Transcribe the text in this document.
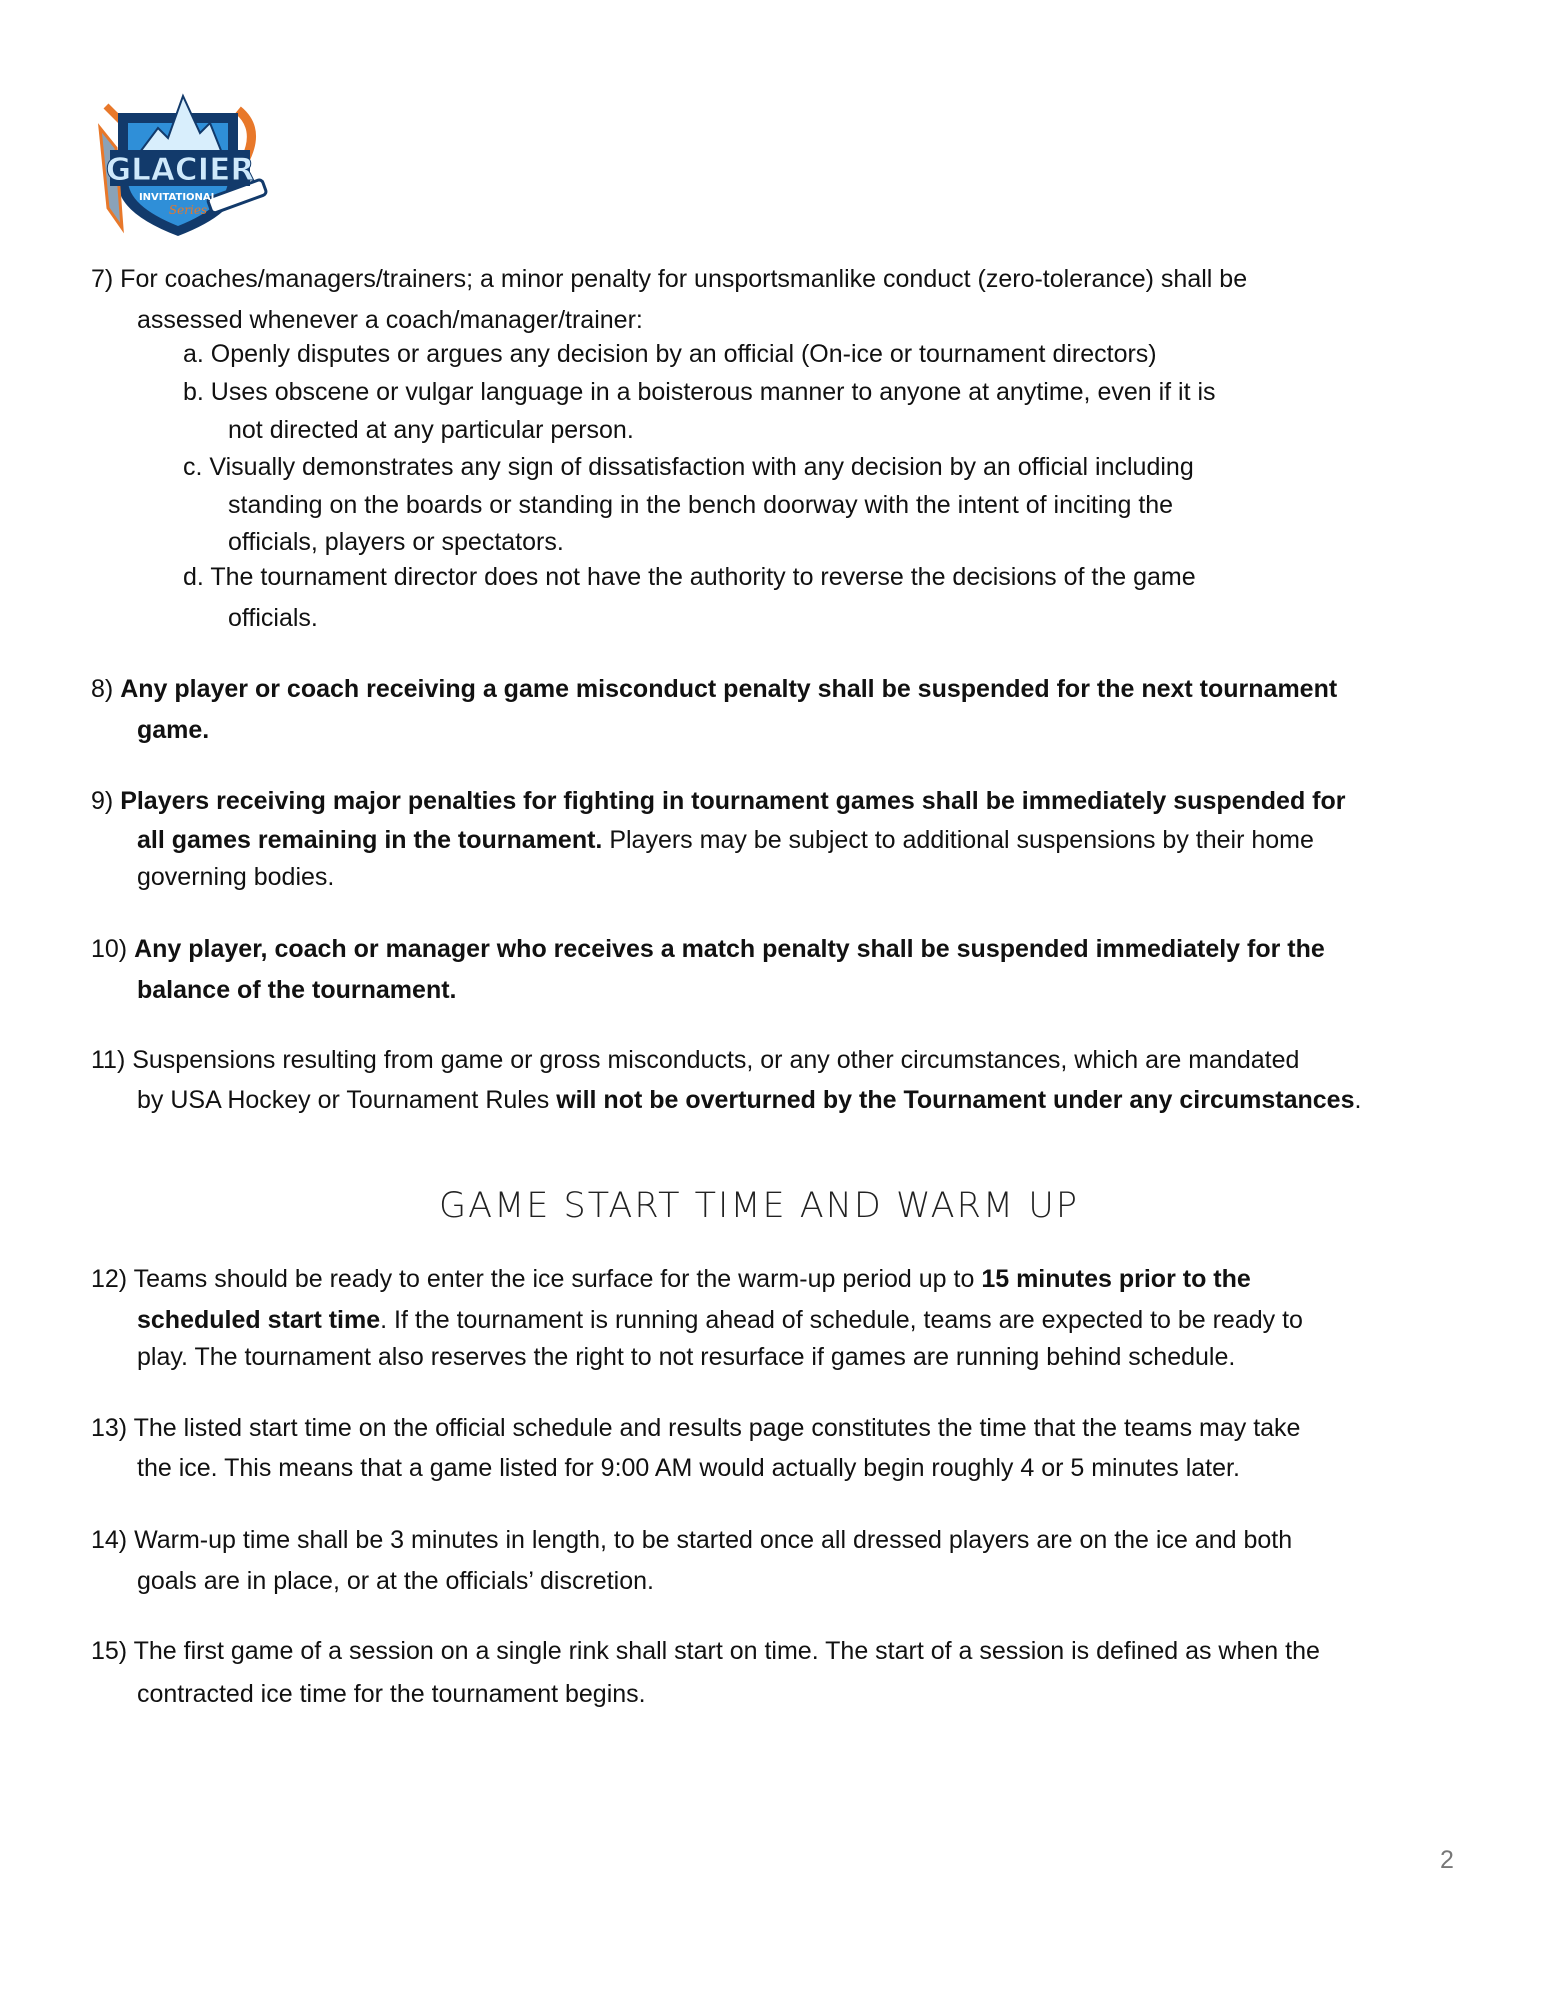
GLACIER
INVITATIONAL
Series
7) For coaches/managers/trainers; a minor penalty for unsportsmanlike conduct (zero-tolerance) shall be
assessed whenever a coach/manager/trainer:
a. Openly disputes or argues any decision by an official (On-ice or tournament directors)
b. Uses obscene or vulgar language in a boisterous manner to anyone at anytime, even if it is
not directed at any particular person.
c. Visually demonstrates any sign of dissatisfaction with any decision by an official including
standing on the boards or standing in the bench doorway with the intent of inciting the
officials, players or spectators.
d. The tournament director does not have the authority to reverse the decisions of the game
officials.
8) Any player or coach receiving a game misconduct penalty shall be suspended for the next tournament
game.
9) Players receiving major penalties for fighting in tournament games shall be immediately suspended for
all games remaining in the tournament. Players may be subject to additional suspensions by their home
governing bodies.
10) Any player, coach or manager who receives a match penalty shall be suspended immediately for the
balance of the tournament.
11) Suspensions resulting from game or gross misconducts, or any other circumstances, which are mandated
by USA Hockey or Tournament Rules will not be overturned by the Tournament under any circumstances.
12) Teams should be ready to enter the ice surface for the warm-up period up to 15 minutes prior to the
scheduled start time. If the tournament is running ahead of schedule, teams are expected to be ready to
play. The tournament also reserves the right to not resurface if games are running behind schedule.
13) The listed start time on the official schedule and results page constitutes the time that the teams may take
the ice. This means that a game listed for 9:00 AM would actually begin roughly 4 or 5 minutes later.
14) Warm-up time shall be 3 minutes in length, to be started once all dressed players are on the ice and both
goals are in place, or at the officials’ discretion.
15) The first game of a session on a single rink shall start on time. The start of a session is defined as when the
contracted ice time for the tournament begins.
GAME START TIME AND WARM UP
2
